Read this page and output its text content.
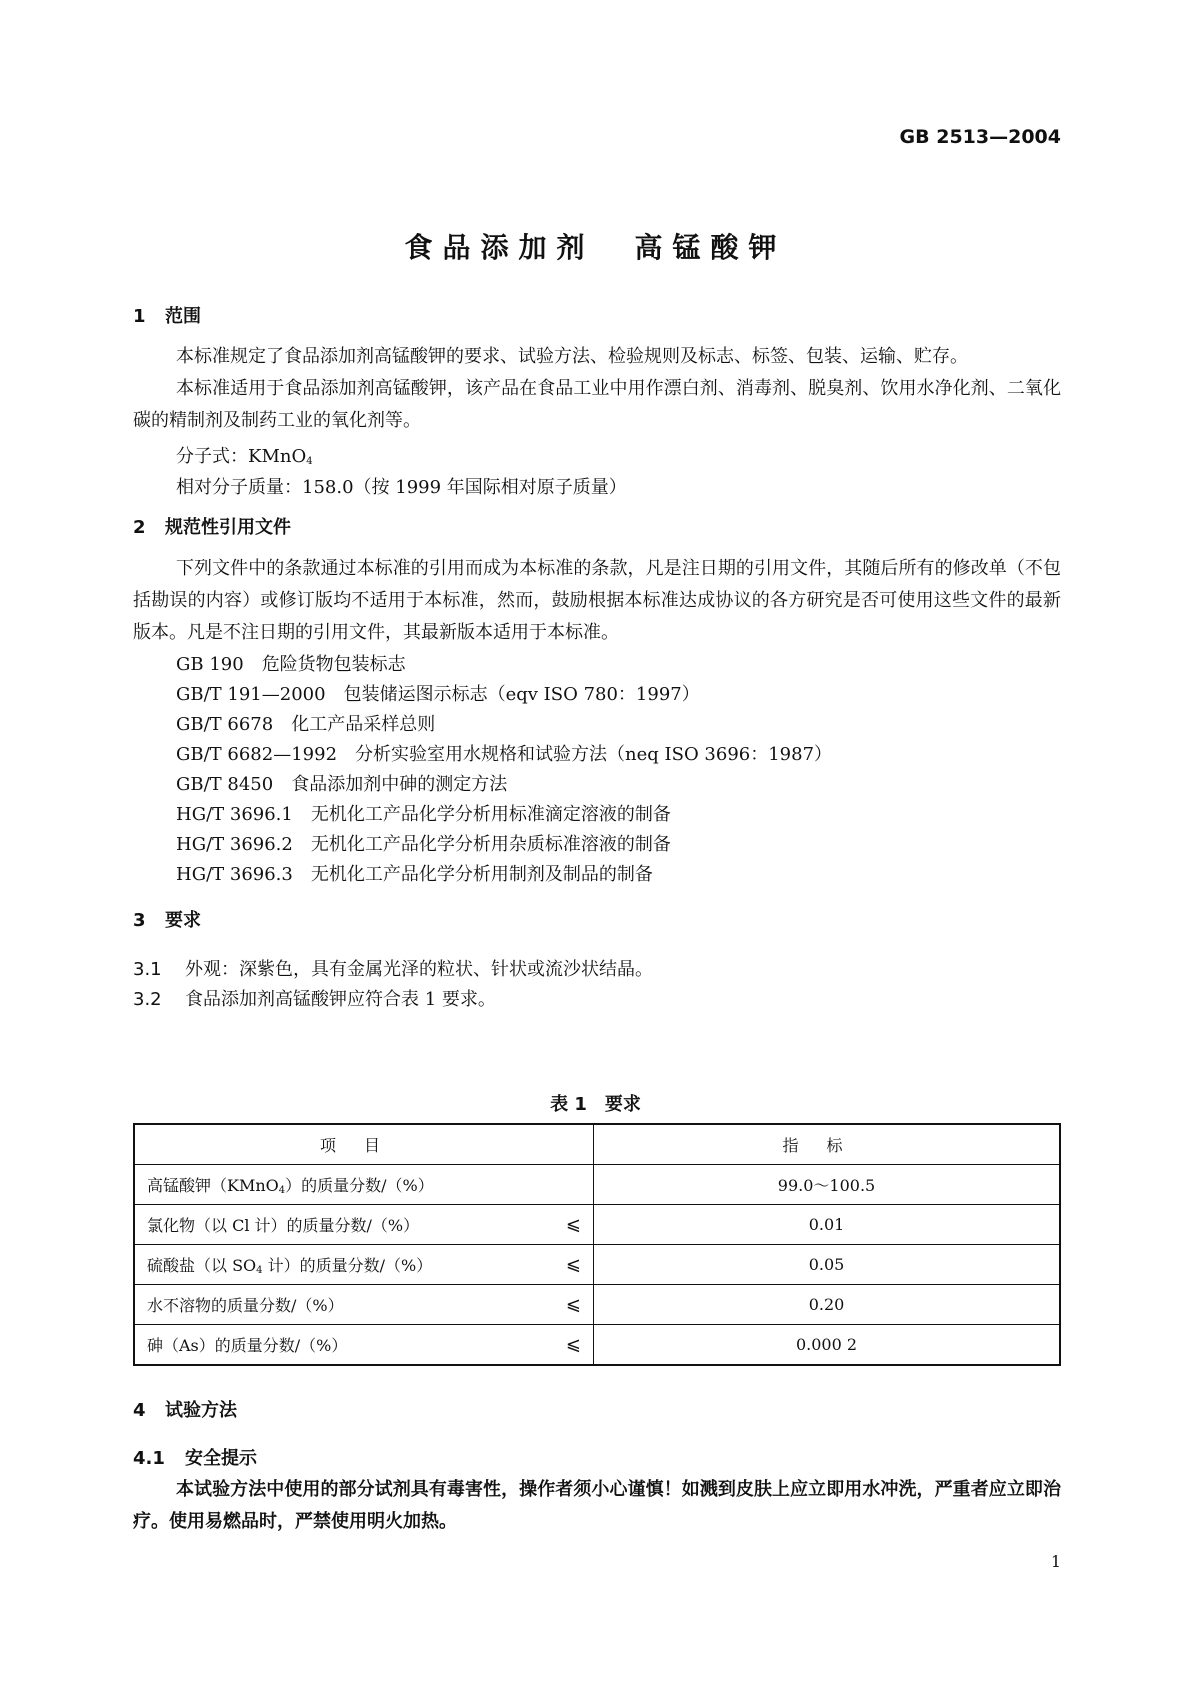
GB 2513—2004
食品添加剂 高锰酸钾
1 范围
本标准规定了食品添加剂高锰酸钾的要求、试验方法、检验规则及标志、标签、包装、运输、贮存。
本标准适用于食品添加剂高锰酸钾，该产品在食品工业中用作漂白剂、消毒剂、脱臭剂、饮用水净化剂、二氧化碳的精制剂及制药工业的氧化剂等。
分子式：KMnO$_4$
相对分子质量：158.0（按 1999 年国际相对原子质量）
2 规范性引用文件
下列文件中的条款通过本标准的引用而成为本标准的条款，凡是注日期的引用文件，其随后所有的修改单（不包括勘误的内容）或修订版均不适用于本标准，然而，鼓励根据本标准达成协议的各方研究是否可使用这些文件的最新版本。凡是不注日期的引用文件，其最新版本适用于本标准。
GB 190 危险货物包装标志
GB/T 191—2000 包装储运图示标志（eqv ISO 780：1997）
GB/T 6678 化工产品采样总则
GB/T 6682—1992 分析实验室用水规格和试验方法（neq ISO 3696：1987）
GB/T 8450 食品添加剂中砷的测定方法
HG/T 3696.1 无机化工产品化学分析用标准滴定溶液的制备
HG/T 3696.2 无机化工产品化学分析用杂质标准溶液的制备
HG/T 3696.3 无机化工产品化学分析用制剂及制品的制备
3 要求
3.1 外观：深紫色，具有金属光泽的粒状、针状或流沙状结晶。
3.2 食品添加剂高锰酸钾应符合表 1 要求。
表 1　要求
项目	指标
高锰酸钾（KMnO$_4$）的质量分数/（%）	99.0～100.5
氯化物（以 Cl 计）的质量分数/（%） ⩽	0.01
硫酸盐（以 $SO_4$ 计）的质量分数/（%） ⩽	0.05
水不溶物的质量分数/（%） ⩽	0.20
砷（As）的质量分数/（%） ⩽	0.000 2
4 试验方法
4.1 安全提示
本试验方法中使用的部分试剂具有毒害性，操作者须小心谨慎！如溅到皮肤上应立即用水冲洗，严重者应立即治疗。使用易燃品时，严禁使用明火加热。
1
